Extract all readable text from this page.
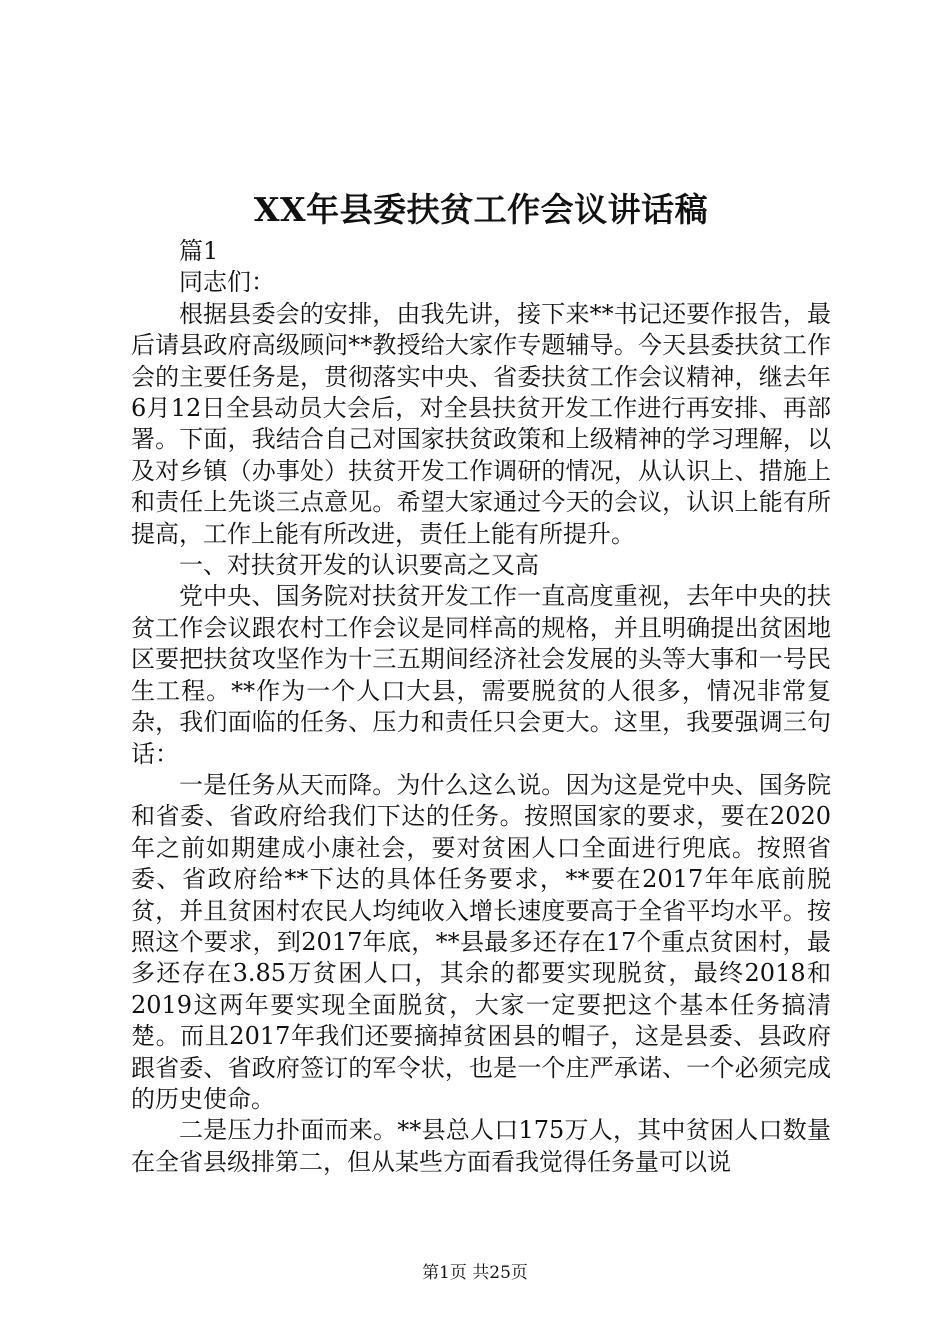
XX年县委扶贫工作会议讲话稿

篇1

同志们：

根据县委会的安排，由我先讲，接下来**书记还要作报告，最后请县政府高级顾问**教授给大家作专题辅导。今天县委扶贫工作会的主要任务是，贯彻落实中央、省委扶贫工作会议精神，继去年6月12日全县动员大会后，对全县扶贫开发工作进行再安排、再部署。下面，我结合自己对国家扶贫政策和上级精神的学习理解，以及对乡镇（办事处）扶贫开发工作调研的情况，从认识上、措施上和责任上先谈三点意见。希望大家通过今天的会议，认识上能有所提高，工作上能有所改进，责任上能有所提升。

一、对扶贫开发的认识要高之又高

党中央、国务院对扶贫开发工作一直高度重视，去年中央的扶贫工作会议跟农村工作会议是同样高的规格，并且明确提出贫困地区要把扶贫攻坚作为十三五期间经济社会发展的头等大事和一号民生工程。**作为一个人口大县，需要脱贫的人很多，情况非常复杂，我们面临的任务、压力和责任只会更大。这里，我要强调三句话：

一是任务从天而降。为什么这么说。因为这是党中央、国务院和省委、省政府给我们下达的任务。按照国家的要求，要在2020年之前如期建成小康社会，要对贫困人口全面进行兜底。按照省委、省政府给**下达的具体任务要求，**要在2017年年底前脱贫，并且贫困村农民人均纯收入增长速度要高于全省平均水平。按照这个要求，到2017年底，**县最多还存在17个重点贫困村，最多还存在3.85万贫困人口，其余的都要实现脱贫，最终2018和2019这两年要实现全面脱贫，大家一定要把这个基本任务搞清楚。而且2017年我们还要摘掉贫困县的帽子，这是县委、县政府跟省委、省政府签订的军令状，也是一个庄严承诺、一个必须完成的历史使命。

二是压力扑面而来。**县总人口175万人，其中贫困人口数量在全省县级排第二，但从某些方面看我觉得任务量可以说

第1页 共25页
